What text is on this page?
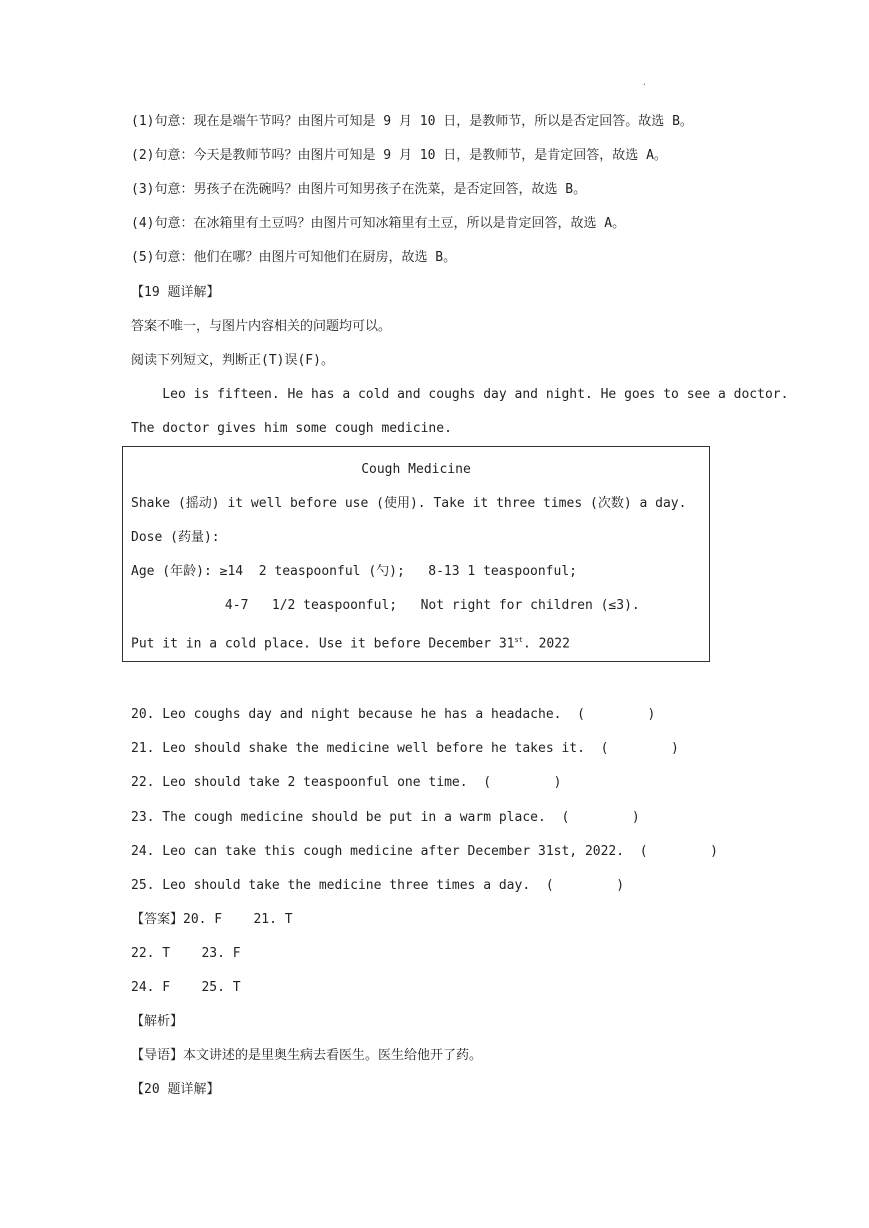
·
(1)句意：现在是端午节吗？由图片可知是 9 月 10 日，是教师节，所以是否定回答。故选 B。
(2)句意：今天是教师节吗？由图片可知是 9 月 10 日，是教师节，是肯定回答，故选 A。
(3)句意：男孩子在洗碗吗？由图片可知男孩子在洗菜，是否定回答，故选 B。
(4)句意：在冰箱里有土豆吗？由图片可知冰箱里有土豆，所以是肯定回答，故选 A。
(5)句意：他们在哪？由图片可知他们在厨房，故选 B。
【19 题详解】
答案不唯一，与图片内容相关的问题均可以。
阅读下列短文，判断正(T)误(F)。
Leo is fifteen. He has a cold and coughs day and night. He goes to see a doctor.
The doctor gives him some cough medicine.
Cough Medicine
Shake (摇动) it well before use (使用). Take it three times (次数) a day.
Dose (药量):
Age (年龄): ≥14  2 teaspoonful (勺);   8-13 1 teaspoonful;
4-7   1/2 teaspoonful;   Not right for children (≤3).
Put it in a cold place. Use it before December 31st. 2022
20. Leo coughs day and night because he has a headache.  (        )
21. Leo should shake the medicine well before he takes it.  (        )
22. Leo should take 2 teaspoonful one time.  (        )
23. The cough medicine should be put in a warm place.  (        )
24. Leo can take this cough medicine after December 31st, 2022.  (        )
25. Leo should take the medicine three times a day.  (        )
【答案】20. F    21. T
22. T    23. F
24. F    25. T
【解析】
【导语】本文讲述的是里奥生病去看医生。医生给他开了药。
【20 题详解】
